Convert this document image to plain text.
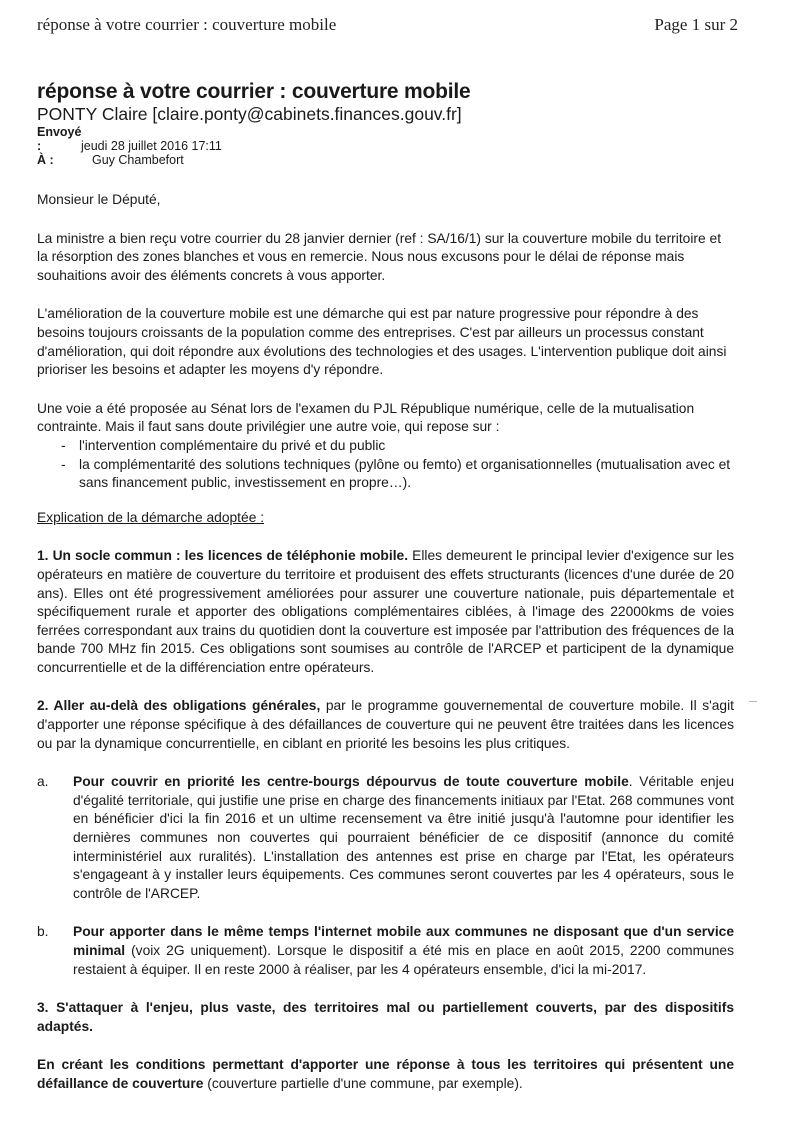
réponse à votre courrier : couverture mobile	Page 1 sur 2
réponse à votre courrier : couverture mobile
PONTY Claire [claire.ponty@cabinets.finances.gouv.fr]
Envoyé :	jeudi 28 juillet 2016 17:11
À :	Guy Chambefort

Monsieur le Député,

La ministre a bien reçu votre courrier du 28 janvier dernier (ref : SA/16/1) sur la couverture mobile du territoire et la résorption des zones blanches et vous en remercie. Nous nous excusons pour le délai de réponse mais souhaitions avoir des éléments concrets à vous apporter.

L'amélioration de la couverture mobile est une démarche qui est par nature progressive pour répondre à des besoins toujours croissants de la population comme des entreprises. C'est par ailleurs un processus constant d'amélioration, qui doit répondre aux évolutions des technologies et des usages. L'intervention publique doit ainsi prioriser les besoins et adapter les moyens d'y répondre.

Une voie a été proposée au Sénat lors de l'examen du PJL République numérique, celle de la mutualisation contrainte. Mais il faut sans doute privilégier une autre voie, qui repose sur :

- l'intervention complémentaire du privé et du public
- la complémentarité des solutions techniques (pylône ou femto) et organisationnelles (mutualisation avec et sans financement public, investissement en propre…).

Explication de la démarche adoptée :

1. Un socle commun : les licences de téléphonie mobile. Elles demeurent le principal levier d'exigence sur les opérateurs en matière de couverture du territoire et produisent des effets structurants (licences d'une durée de 20 ans). Elles ont été progressivement améliorées pour assurer une couverture nationale, puis départementale et spécifiquement rurale et apporter des obligations complémentaires ciblées, à l'image des 22000kms de voies ferrées correspondant aux trains du quotidien dont la couverture est imposée par l'attribution des fréquences de la bande 700 MHz fin 2015. Ces obligations sont soumises au contrôle de l'ARCEP et participent de la dynamique concurrentielle et de la différenciation entre opérateurs.

2. Aller au-delà des obligations générales, par le programme gouvernemental de couverture mobile. Il s'agit d'apporter une réponse spécifique à des défaillances de couverture qui ne peuvent être traitées dans les licences ou par la dynamique concurrentielle, en ciblant en priorité les besoins les plus critiques.

a. Pour couvrir en priorité les centre-bourgs dépourvus de toute couverture mobile. Véritable enjeu d'égalité territoriale, qui justifie une prise en charge des financements initiaux par l'Etat. 268 communes vont en bénéficier d'ici la fin 2016 et un ultime recensement va être initié jusqu'à l'automne pour identifier les dernières communes non couvertes qui pourraient bénéficier de ce dispositif (annonce du comité interministériel aux ruralités). L'installation des antennes est prise en charge par l'Etat, les opérateurs s'engageant à y installer leurs équipements. Ces communes seront couvertes par les 4 opérateurs, sous le contrôle de l'ARCEP.

b. Pour apporter dans le même temps l'internet mobile aux communes ne disposant que d'un service minimal (voix 2G uniquement). Lorsque le dispositif a été mis en place en août 2015, 2200 communes restaient à équiper. Il en reste 2000 à réaliser, par les 4 opérateurs ensemble, d'ici la mi-2017.

3. S'attaquer à l'enjeu, plus vaste, des territoires mal ou partiellement couverts, par des dispositifs adaptés.

En créant les conditions permettant d'apporter une réponse à tous les territoires qui présentent une défaillance de couverture (couverture partielle d'une commune, par exemple).
